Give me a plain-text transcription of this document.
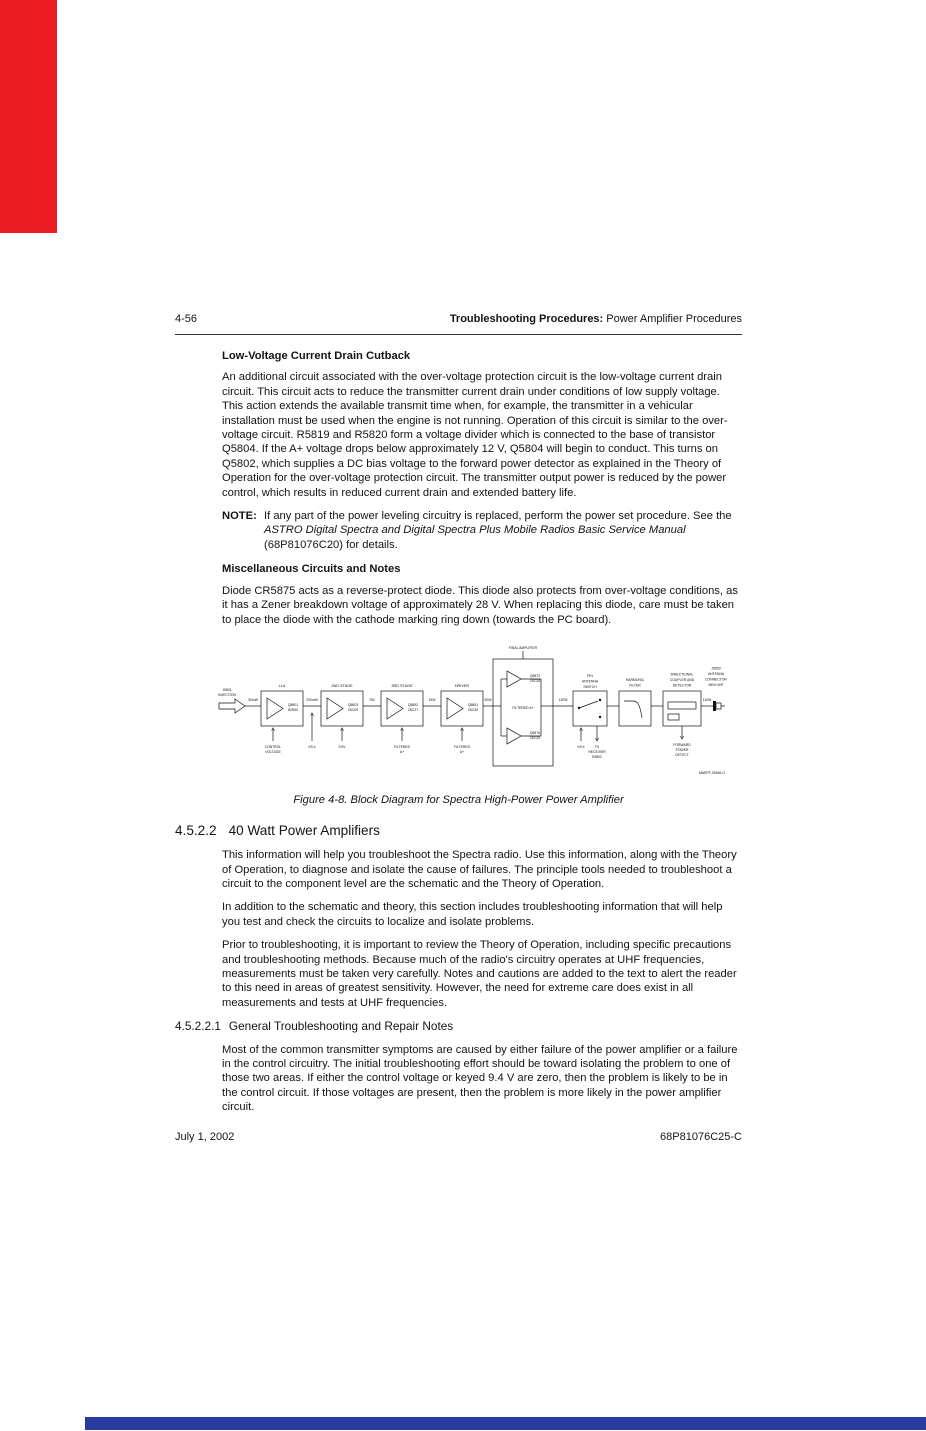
4-56	Troubleshooting Procedures: Power Amplifier Procedures
Low-Voltage Current Drain Cutback
An additional circuit associated with the over-voltage protection circuit is the low-voltage current drain circuit. This circuit acts to reduce the transmitter current drain under conditions of low supply voltage. This action extends the available transmit time when, for example, the transmitter in a vehicular installation must be used when the engine is not running. Operation of this circuit is similar to the over-voltage circuit. R5819 and R5820 form a voltage divider which is connected to the base of transistor Q5804. If the A+ voltage drops below approximately 12 V, Q5804 will begin to conduct. This turns on Q5802, which supplies a DC bias voltage to the forward power detector as explained in the Theory of Operation for the over-voltage protection circuit. The transmitter output power is reduced by the power control, which results in reduced current drain and extended battery life.
NOTE: If any part of the power leveling circuitry is replaced, perform the power set procedure. See the ASTRO Digital Spectra and Digital Spectra Plus Mobile Radios Basic Service Manual (68P81076C20) for details.
Miscellaneous Circuits and Notes
Diode CR5875 acts as a reverse-protect diode. This diode also protects from over-voltage conditions, as it has a Zener breakdown voltage of approximately 28 V. When replacing this diode, care must be taken to place the diode with the cathode marking ring down (towards the PC board).
J5801
INJECTION
30mW
LLA
Q5801
82D90
230mW
2ND STAGE
Q5803
2SC09
2W
3RD STAGE
Q5892
2SC27
15W
DRIVER
Q5851
2SC30
90W
FINAL AMPLIFIER
Q5872
2SC25
FILTERED A+
Q5876
2SC25
120W
PIN
ANTENNA
SWITCH
K9.4	TO
RECEIVER
E5802
HARMONIC
FILTER
DIRECTIONAL
COUPLER AND
DETECTOR
FORWARD
POWER
DETECT
110W
J5853
ANTENNA
CONNECTOR
MINI UHF
CONTROL
VOLTAGE
K9.4	9.6V	FILTERED
A+
FILTERED
A+
MAEPF-25546-O
Figure 4-8. Block Diagram for Spectra High-Power Power Amplifier
4.5.2.2 40 Watt Power Amplifiers
This information will help you troubleshoot the Spectra radio. Use this information, along with the Theory of Operation, to diagnose and isolate the cause of failures. The principle tools needed to troubleshoot a circuit to the component level are the schematic and the Theory of Operation.
In addition to the schematic and theory, this section includes troubleshooting information that will help you test and check the circuits to localize and isolate problems.
Prior to troubleshooting, it is important to review the Theory of Operation, including specific precautions and troubleshooting methods. Because much of the radio's circuitry operates at UHF frequencies, measurements must be taken very carefully. Notes and cautions are added to the text to alert the reader to this need in areas of greatest sensitivity. However, the need for extreme care does exist in all measurements and tests at UHF frequencies.
4.5.2.2.1 General Troubleshooting and Repair Notes
Most of the common transmitter symptoms are caused by either failure of the power amplifier or a failure in the control circuitry. The initial troubleshooting effort should be toward isolating the problem to one of those two areas. If either the control voltage or keyed 9.4 V are zero, then the problem is likely to be in the control circuit. If those voltages are present, then the problem is more likely in the power amplifier circuit.
July 1, 2002	68P81076C25-C
